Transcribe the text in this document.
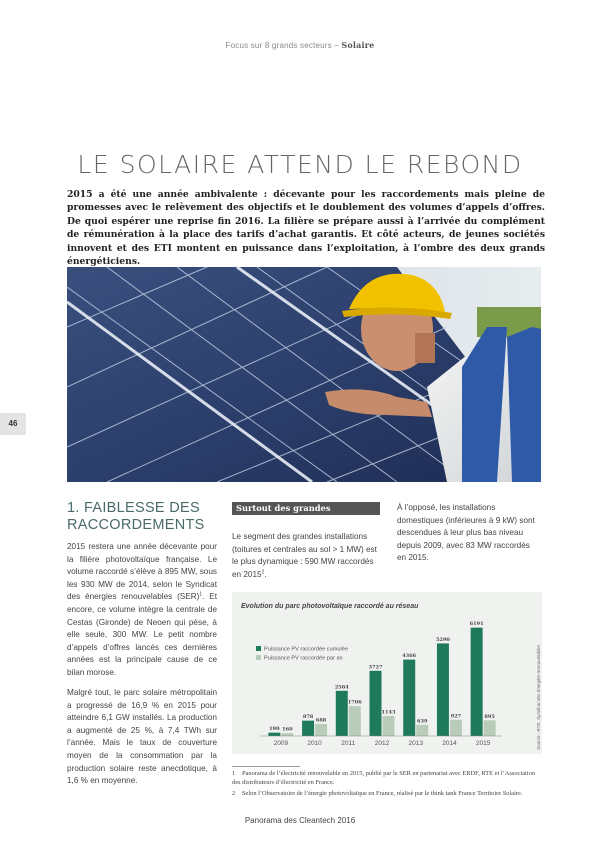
Focus sur 8 grands secteurs – Solaire
LE SOLAIRE ATTEND LE REBOND
2015 a été une année ambivalente : décevante pour les raccordements mais pleine de promesses avec le relèvement des objectifs et le doublement des volumes d’appels d’offres. De quoi espérer une reprise fin 2016. La filière se prépare aussi à l’arrivée du complément de rémunération à la place des tarifs d’achat garantis. Et côté acteurs, de jeunes sociétés innovent et des ETI montent en puissance dans l’exploitation, à l’ombre des deux grands énergéticiens.
46
1. FAIBLESSE DES
RACCORDEMENTS
2015 restera une année décevante pour la filière photovoltaïque française. Le volume raccordé s’élève à 895 MW, sous les 930 MW de 2014, selon le Syndicat des énergies renouvelables (SER)$^1$. Et encore, ce volume intègre la centrale de Cestas (Gironde) de Neoen qui pèse, à elle seule, 300 MW. Le petit nombre d’appels d’offres lancés ces dernières années est la principale cause de ce bilan morose.
Malgré tout, le parc solaire métropolitain a progressé de 16,9 % en 2015 pour atteindre 6,1 GW installés. La production a augmenté de 25 %, à 7,4 TWh sur l’année. Mais le taux de couverture moyen de la consommation par la production solaire reste anecdotique, à 1,6 % en moyenne.
Surtout des grandes installations
Le segment des grandes installations (toitures et centrales au sol > 1 MW) est le plus dynamique : 590 MW raccordés en 2015$^2$.
À l’opposé, les installations domestiques (inférieures à 9 kW) sont descendues à leur plus bas niveau depuis 2009, avec 83 MW raccordés en 2015.
Evolution du parc photovoltaïque raccordé au réseau
190 160
2009
878
688
2010
2584
1706
2011
3727
1143
2012
4366
639
2013
5290
927
2014
6191
895
2015
Puissance PV raccordée cumulée
Puissance PV raccordée par an	Source : RTE, Syndicat des énergies renouvelables
1 Panorama de l’électricité renouvelable en 2015, publié par le SER en partenariat avec ERDF, RTE et l’Association des distributeurs d’électricité en France.
2 Selon l’Observatoire de l’énergie photovoltaïque en France, réalisé par le think tank France Territoire Solaire.
Panorama des Cleantech 2016
